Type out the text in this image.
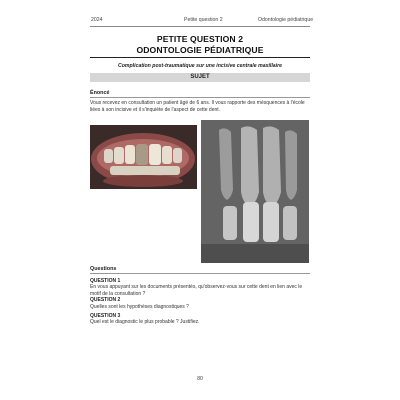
2024	Petite question 2	Odontologie pédiatrique
PETITE QUESTION 2
ODONTOLOGIE PÉDIATRIQUE
Complication post-traumatique sur une incisive centrale maxillaire
SUJET
Énoncé
Vous recevez en consultation un patient âgé de 6 ans. Il vous rapporte des mésquences à l'école liées à son incisive et il s'inquiète de l'aspect de cette dent.
Questions
QUESTION 1
En vous appuyant sur les documents présentés, qu'observez-vous sur cette dent en lien avec le motif de la consultation ?
QUESTION 2
Quelles sont les hypothèses diagnostiques ?
QUESTION 3
Quel est le diagnostic le plus probable ? Justifiez.
80
